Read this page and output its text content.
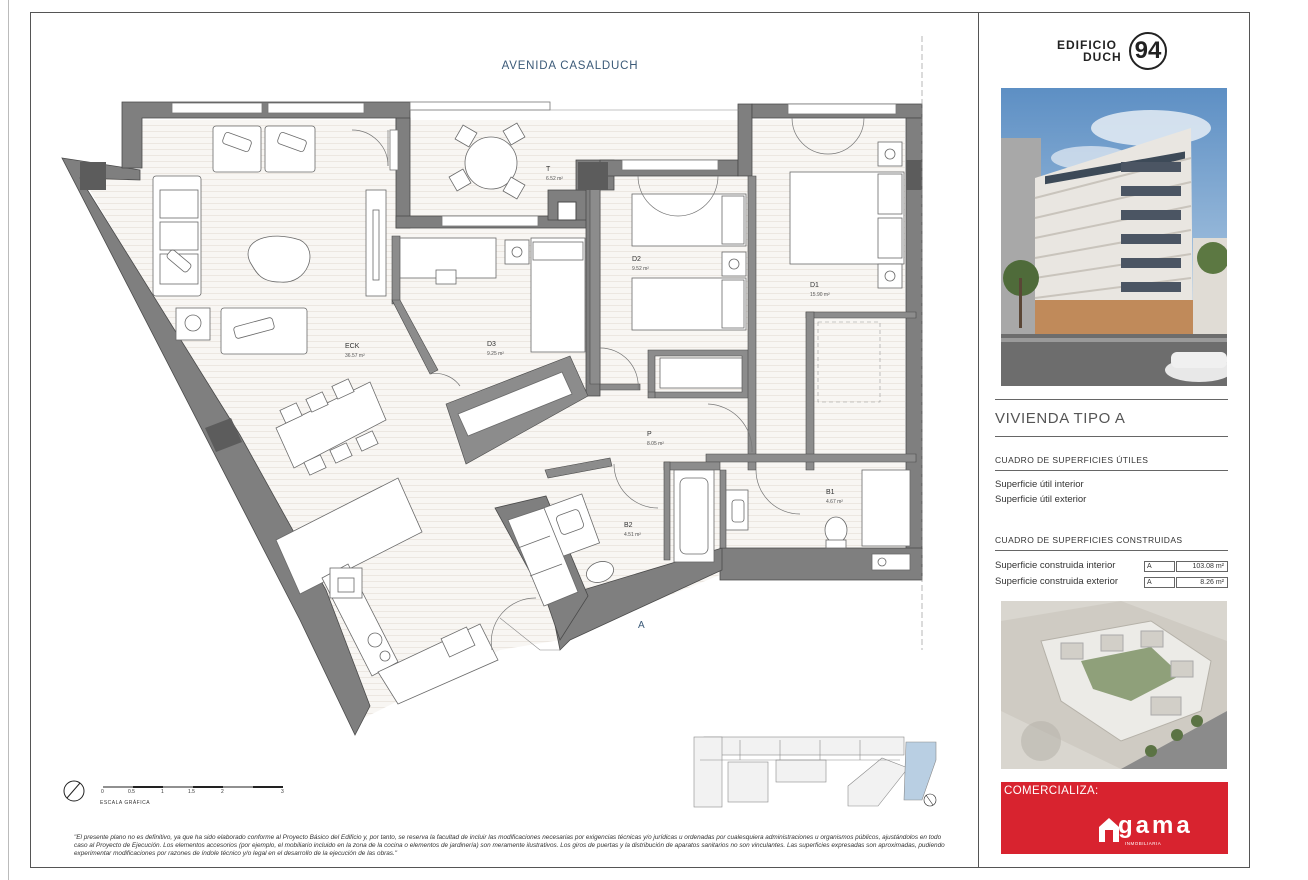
AVENIDA CASALDUCH
T
6.52 m²
D2
9.52 m²
D1
15.90 m²
ECK
36.57 m²
D3
9.25 m²
P
8.05 m²
B1
4.67 m²
B2
4.51 m²
A
0	0.5	1	1.5	2	3
ESCALA GRÁFICA
"El presente plano no es definitivo, ya que ha sido elaborado conforme al Proyecto Básico del Edificio y, por tanto, se reserva la facultad de incluir las modificaciones necesarias por exigencias técnicas y/o jurídicas u ordenadas por cualesquiera administraciones u organismos públicos, ajustándolos en todo caso al Proyecto de Ejecución. Los elementos accesorios (por ejemplo, el mobiliario incluido en la zona de la cocina o elementos de jardinería) son meramente ilustrativos. Los giros de puertas y la distribución de aparatos sanitarios no son vinculantes. Las superficies expresadas son aproximadas, pudiendo experimentar modificaciones por razones de índole técnico y/o legal en el desarrollo de la ejecución de las obras."
EDIFICIO
DUCH 94
VIVIENDA TIPO A
CUADRO DE SUPERFICIES ÚTILES
Superficie útil interior
Superficie útil exterior
CUADRO DE SUPERFICIES CONSTRUIDAS
Superficie construida interior	A	103.08 m²
Superficie construida exterior	A	8.26 m²
COMERCIALIZA:
gama
INMOBILIARIA
